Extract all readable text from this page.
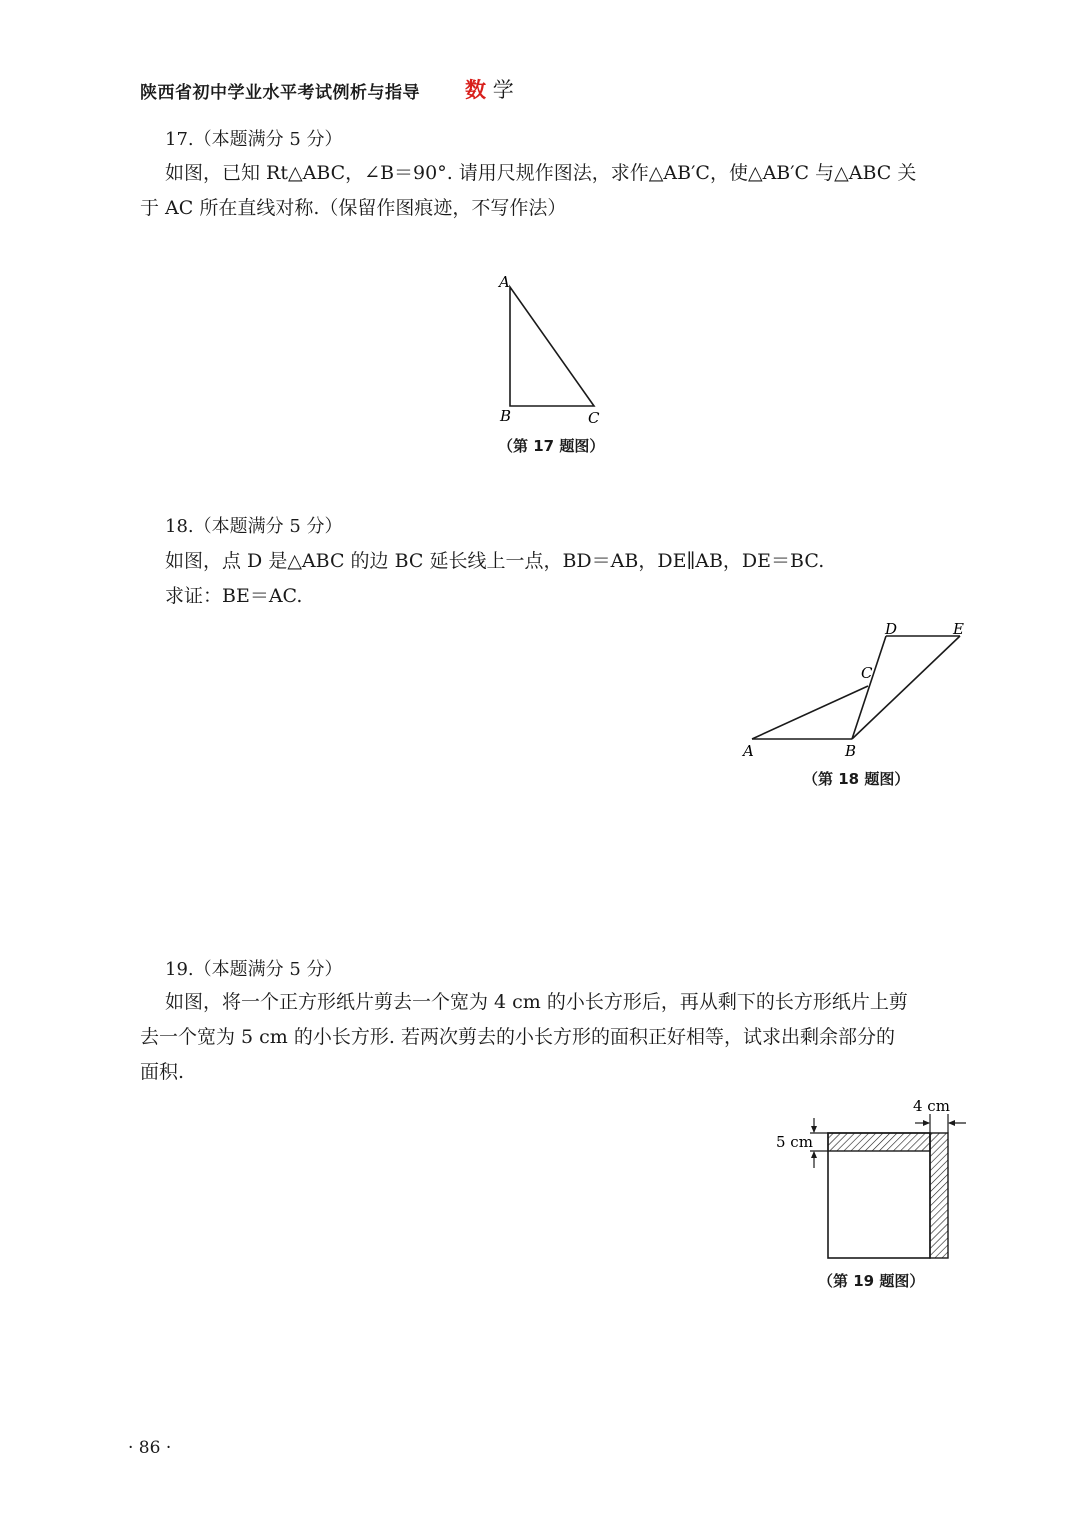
陕西省初中学业水平考试例析与指导 数 学
17.（本题满分 5 分）
如图，已知 Rt△ABC，∠B＝90°. 请用尺规作图法，求作△AB′C，使△AB′C 与△ABC 关
于 AC 所在直线对称.（保留作图痕迹，不写作法）
A
B	C
（第 17 题图）
18.（本题满分 5 分）
如图，点 D 是△ABC 的边 BC 延长线上一点，BD＝AB，DE∥AB，DE＝BC.
求证：BE＝AC.
A	B
C
D	E
（第 18 题图）
19.（本题满分 5 分）
如图，将一个正方形纸片剪去一个宽为 4 cm 的小长方形后，再从剩下的长方形纸片上剪
去一个宽为 5 cm 的小长方形. 若两次剪去的小长方形的面积正好相等，试求出剩余部分的
面积.
4 cm
5 cm
（第 19 题图）
· 86 ·
